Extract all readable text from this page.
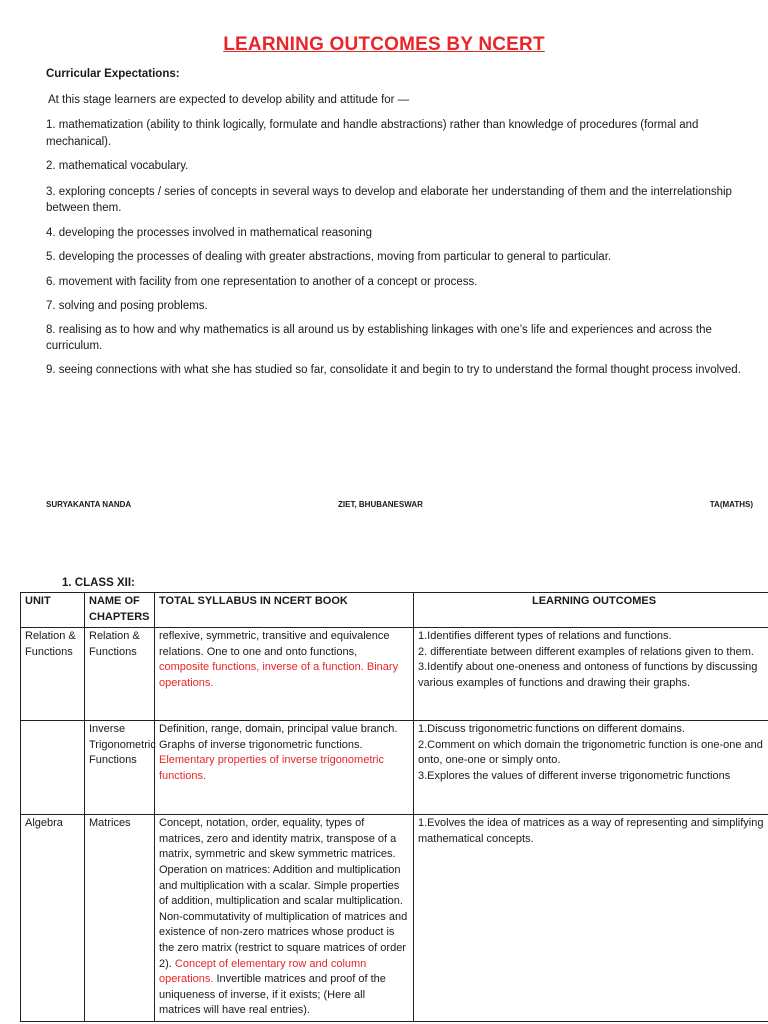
LEARNING OUTCOMES BY NCERT
Curricular Expectations:
At this stage learners are expected to develop ability and attitude for —

1. mathematization (ability to think logically, formulate and handle abstractions) rather than knowledge of procedures (formal and mechanical).

2. mathematical vocabulary.

3. exploring concepts / series of concepts in several ways to develop and elaborate her understanding of them and the interrelationship between them.

4. developing the processes involved in mathematical reasoning

5. developing the processes of dealing with greater abstractions, moving from particular to general to particular.

6. movement with facility from one representation to another of a concept or process.

7. solving and posing problems.

8. realising as to how and why mathematics is all around us by establishing linkages with one’s life and experiences and across the curriculum.

9. seeing connections with what she has studied so far, consolidate it and begin to try to understand the formal thought process involved.

SURYAKANTA NANDA	ZIET, BHUBANESWAR	TA(MATHS)
1. CLASS XII:
UNIT	NAME OF CHAPTERS	TOTAL SYLLABUS IN NCERT BOOK	LEARNING OUTCOMES
Relation & Functions	Relation & Functions	reflexive, symmetric, transitive and equivalence relations. One to one and onto functions, composite functions, inverse of a function. Binary operations.	1.Identifies different types of relations and functions.
2. differentiate between different examples of relations given to them.
3.Identify about one-oneness and ontoness of functions by discussing various examples of functions and drawing their graphs.

	Inverse Trigonometric Functions	Definition, range, domain, principal value branch. Graphs of inverse trigonometric functions. Elementary properties of inverse trigonometric functions.	1.Discuss trigonometric functions on different domains.
2.Comment on which domain the trigonometric function is one-one and onto, one-one or simply onto.
3.Explores the values of different inverse trigonometric functions

Algebra	Matrices	Concept, notation, order, equality, types of matrices, zero and identity matrix, transpose of a matrix, symmetric and skew symmetric matrices. Operation on matrices: Addition and multiplication and multiplication with a scalar. Simple properties of addition, multiplication and scalar multiplication. Non-commutativity of multiplication of matrices and existence of non-zero matrices whose product is the zero matrix (restrict to square matrices of order 2). Concept of elementary row and column operations. Invertible matrices and proof of the uniqueness of inverse, if it exists; (Here all matrices will have real entries).	1.Evolves the idea of matrices as a way of representing and simplifying mathematical concepts.
